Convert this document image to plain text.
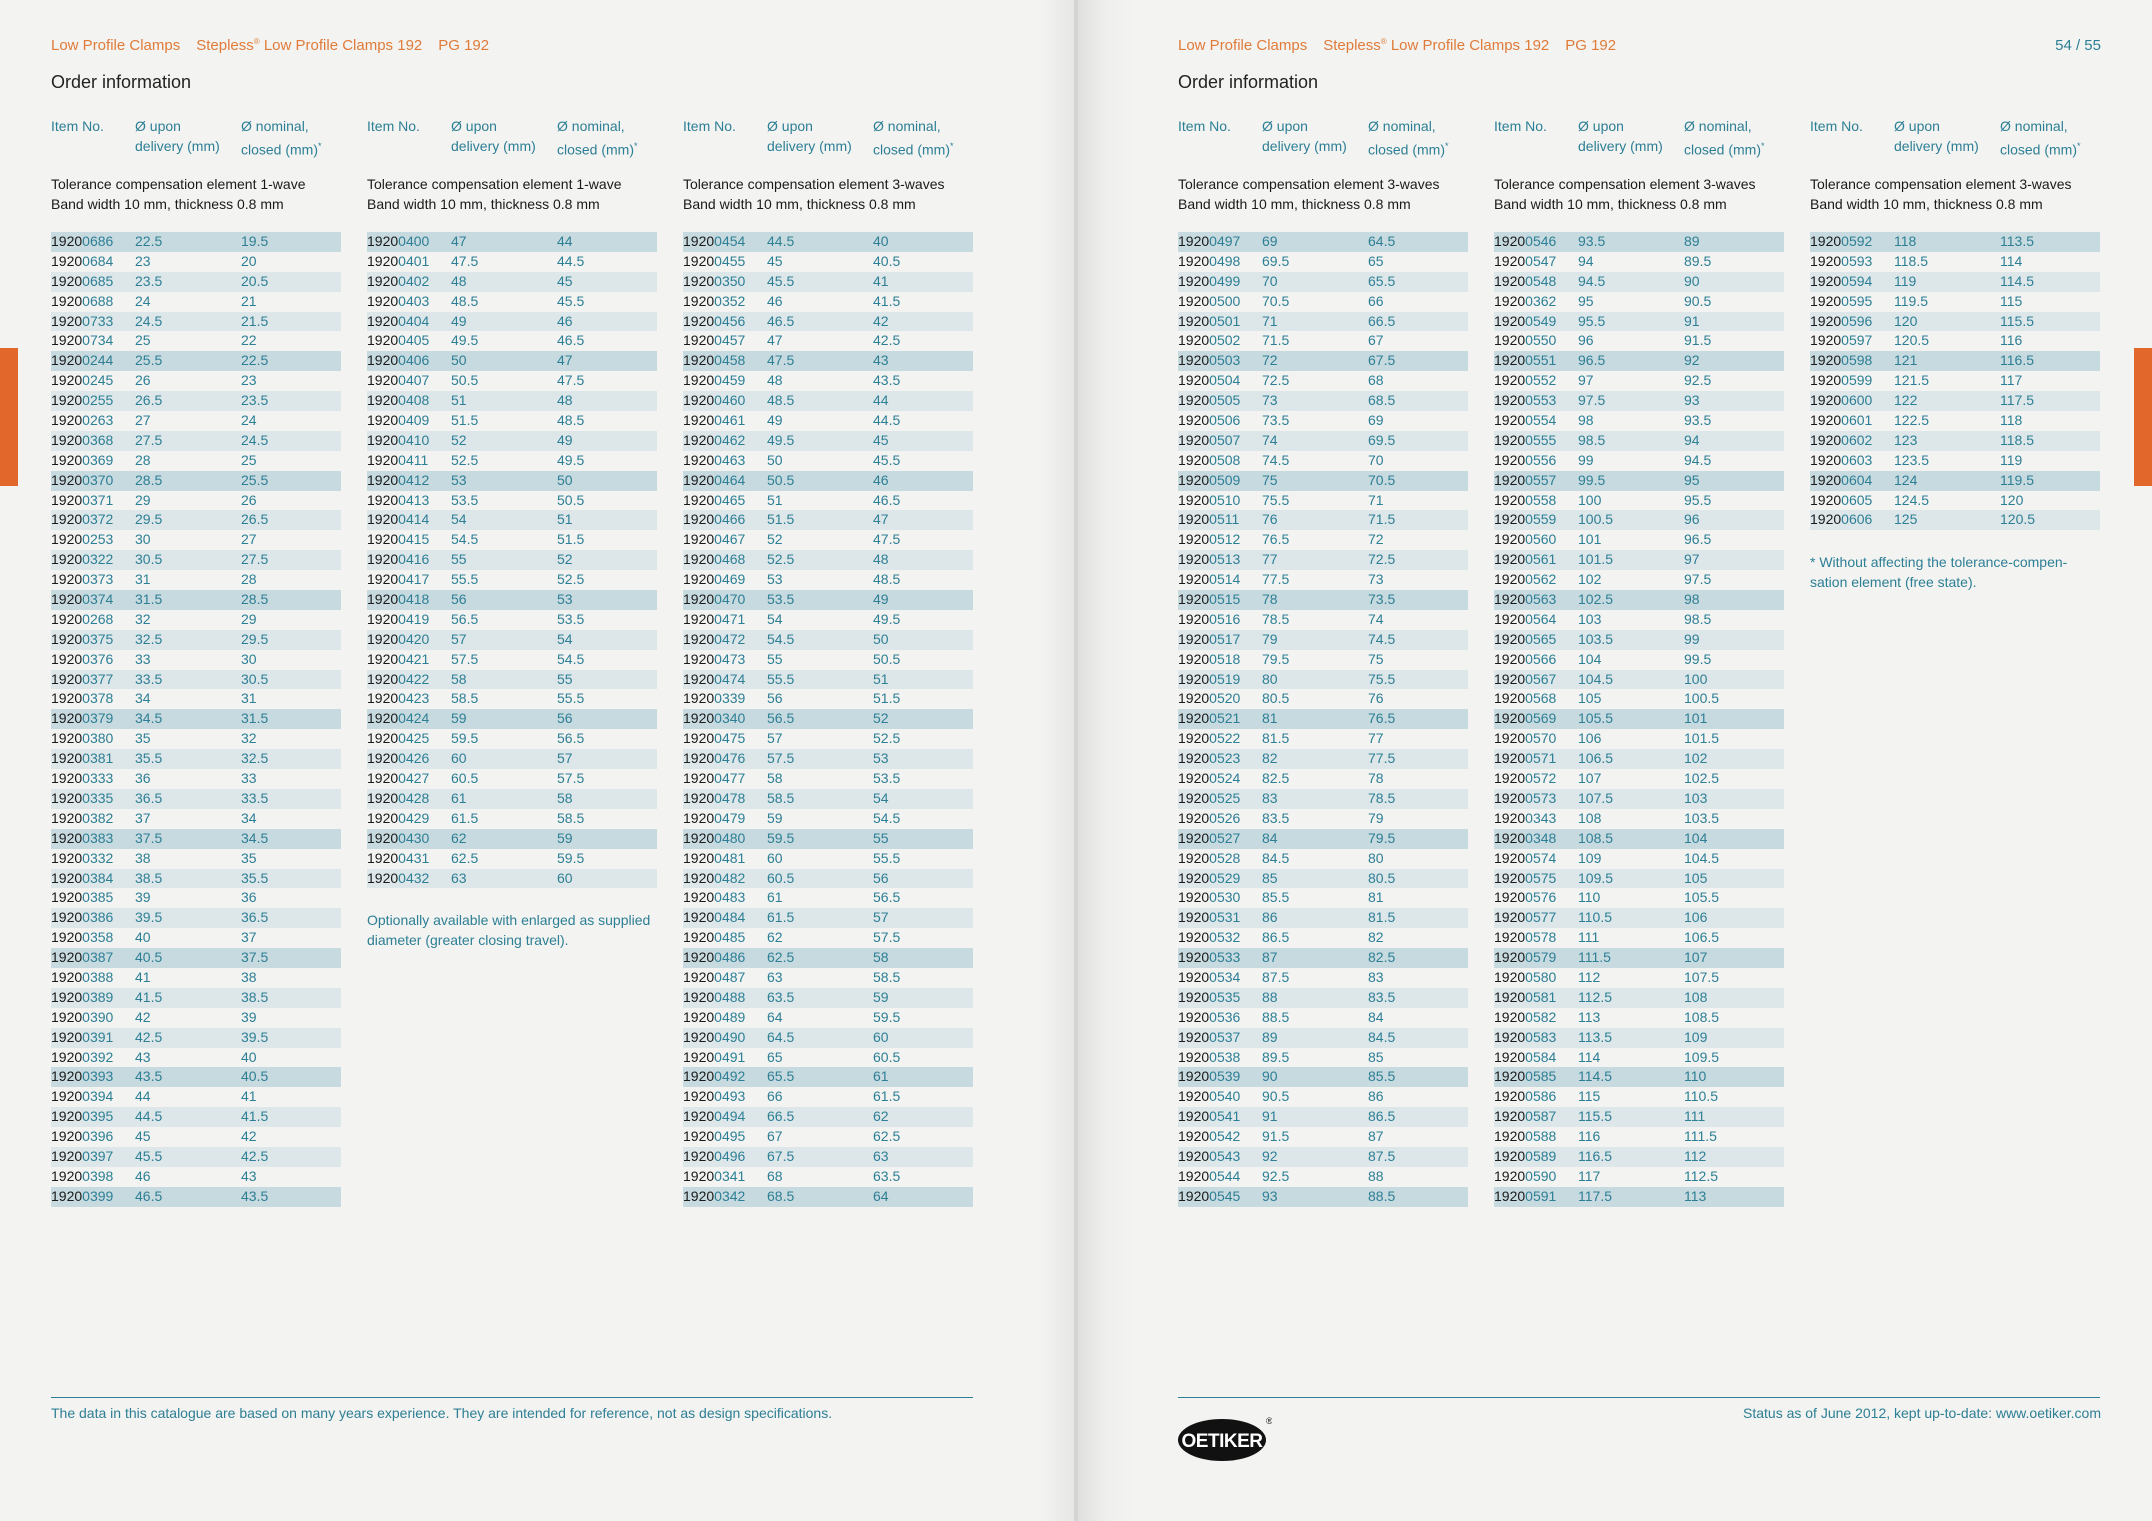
Low Profile Clamps Stepless® Low Profile Clamps 192 PG 192
Order information
Item No.	Ø upon
delivery (mm)
Ø nominal,
closed (mm)*
Tolerance compensation element 1-wave
Band width 10 mm, thickness 0.8 mm
19200686	22.5	19.5
19200684	23	20
19200685	23.5	20.5
19200688	24	21
19200733	24.5	21.5
19200734	25	22
19200244	25.5	22.5
19200245	26	23
19200255	26.5	23.5
19200263	27	24
19200368	27.5	24.5
19200369	28	25
19200370	28.5	25.5
19200371	29	26
19200372	29.5	26.5
19200253	30	27
19200322	30.5	27.5
19200373	31	28
19200374	31.5	28.5
19200268	32	29
19200375	32.5	29.5
19200376	33	30
19200377	33.5	30.5
19200378	34	31
19200379	34.5	31.5
19200380	35	32
19200381	35.5	32.5
19200333	36	33
19200335	36.5	33.5
19200382	37	34
19200383	37.5	34.5
19200332	38	35
19200384	38.5	35.5
19200385	39	36
19200386	39.5	36.5
19200358	40	37
19200387	40.5	37.5
19200388	41	38
19200389	41.5	38.5
19200390	42	39
19200391	42.5	39.5
19200392	43	40
19200393	43.5	40.5
19200394	44	41
19200395	44.5	41.5
19200396	45	42
19200397	45.5	42.5
19200398	46	43
19200399	46.5	43.5
Item No.	Ø upon
delivery (mm)
Ø nominal,
closed (mm)*
Tolerance compensation element 1-wave
Band width 10 mm, thickness 0.8 mm
19200400	47	44
19200401	47.5	44.5
19200402	48	45
19200403	48.5	45.5
19200404	49	46
19200405	49.5	46.5
19200406	50	47
19200407	50.5	47.5
19200408	51	48
19200409	51.5	48.5
19200410	52	49
19200411	52.5	49.5
19200412	53	50
19200413	53.5	50.5
19200414	54	51
19200415	54.5	51.5
19200416	55	52
19200417	55.5	52.5
19200418	56	53
19200419	56.5	53.5
19200420	57	54
19200421	57.5	54.5
19200422	58	55
19200423	58.5	55.5
19200424	59	56
19200425	59.5	56.5
19200426	60	57
19200427	60.5	57.5
19200428	61	58
19200429	61.5	58.5
19200430	62	59
19200431	62.5	59.5
19200432	63	60
Optionally available with enlarged as supplied diameter (greater closing travel).
Item No.	Ø upon
delivery (mm)
Ø nominal,
closed (mm)*
Tolerance compensation element 3-waves
Band width 10 mm, thickness 0.8 mm
19200454	44.5	40
19200455	45	40.5
19200350	45.5	41
19200352	46	41.5
19200456	46.5	42
19200457	47	42.5
19200458	47.5	43
19200459	48	43.5
19200460	48.5	44
19200461	49	44.5
19200462	49.5	45
19200463	50	45.5
19200464	50.5	46
19200465	51	46.5
19200466	51.5	47
19200467	52	47.5
19200468	52.5	48
19200469	53	48.5
19200470	53.5	49
19200471	54	49.5
19200472	54.5	50
19200473	55	50.5
19200474	55.5	51
19200339	56	51.5
19200340	56.5	52
19200475	57	52.5
19200476	57.5	53
19200477	58	53.5
19200478	58.5	54
19200479	59	54.5
19200480	59.5	55
19200481	60	55.5
19200482	60.5	56
19200483	61	56.5
19200484	61.5	57
19200485	62	57.5
19200486	62.5	58
19200487	63	58.5
19200488	63.5	59
19200489	64	59.5
19200490	64.5	60
19200491	65	60.5
19200492	65.5	61
19200493	66	61.5
19200494	66.5	62
19200495	67	62.5
19200496	67.5	63
19200341	68	63.5
19200342	68.5	64
The data in this catalogue are based on many years experience. They are intended for reference, not as design specifications.
Low Profile Clamps Stepless® Low Profile Clamps 192 PG 192	54 / 55
Order information
Item No.	Ø upon
delivery (mm)
Ø nominal,
closed (mm)*
Tolerance compensation element 3-waves
Band width 10 mm, thickness 0.8 mm
19200497	69	64.5
19200498	69.5	65
19200499	70	65.5
19200500	70.5	66
19200501	71	66.5
19200502	71.5	67
19200503	72	67.5
19200504	72.5	68
19200505	73	68.5
19200506	73.5	69
19200507	74	69.5
19200508	74.5	70
19200509	75	70.5
19200510	75.5	71
19200511	76	71.5
19200512	76.5	72
19200513	77	72.5
19200514	77.5	73
19200515	78	73.5
19200516	78.5	74
19200517	79	74.5
19200518	79.5	75
19200519	80	75.5
19200520	80.5	76
19200521	81	76.5
19200522	81.5	77
19200523	82	77.5
19200524	82.5	78
19200525	83	78.5
19200526	83.5	79
19200527	84	79.5
19200528	84.5	80
19200529	85	80.5
19200530	85.5	81
19200531	86	81.5
19200532	86.5	82
19200533	87	82.5
19200534	87.5	83
19200535	88	83.5
19200536	88.5	84
19200537	89	84.5
19200538	89.5	85
19200539	90	85.5
19200540	90.5	86
19200541	91	86.5
19200542	91.5	87
19200543	92	87.5
19200544	92.5	88
19200545	93	88.5
Item No.	Ø upon
delivery (mm)
Ø nominal,
closed (mm)*
Tolerance compensation element 3-waves
Band width 10 mm, thickness 0.8 mm
19200546	93.5	89
19200547	94	89.5
19200548	94.5	90
19200362	95	90.5
19200549	95.5	91
19200550	96	91.5
19200551	96.5	92
19200552	97	92.5
19200553	97.5	93
19200554	98	93.5
19200555	98.5	94
19200556	99	94.5
19200557	99.5	95
19200558	100	95.5
19200559	100.5	96
19200560	101	96.5
19200561	101.5	97
19200562	102	97.5
19200563	102.5	98
19200564	103	98.5
19200565	103.5	99
19200566	104	99.5
19200567	104.5	100
19200568	105	100.5
19200569	105.5	101
19200570	106	101.5
19200571	106.5	102
19200572	107	102.5
19200573	107.5	103
19200343	108	103.5
19200348	108.5	104
19200574	109	104.5
19200575	109.5	105
19200576	110	105.5
19200577	110.5	106
19200578	111	106.5
19200579	111.5	107
19200580	112	107.5
19200581	112.5	108
19200582	113	108.5
19200583	113.5	109
19200584	114	109.5
19200585	114.5	110
19200586	115	110.5
19200587	115.5	111
19200588	116	111.5
19200589	116.5	112
19200590	117	112.5
19200591	117.5	113
Item No.	Ø upon
delivery (mm)
Ø nominal,
closed (mm)*
Tolerance compensation element 3-waves
Band width 10 mm, thickness 0.8 mm
19200592	118	113.5
19200593	118.5	114
19200594	119	114.5
19200595	119.5	115
19200596	120	115.5
19200597	120.5	116
19200598	121	116.5
19200599	121.5	117
19200600	122	117.5
19200601	122.5	118
19200602	123	118.5
19200603	123.5	119
19200604	124	119.5
19200605	124.5	120
19200606	125	120.5
* Without affecting the tolerance-compen-sation element (free state).
Status as of June 2012, kept up-to-date: www.oetiker.com
OETIKER
®
